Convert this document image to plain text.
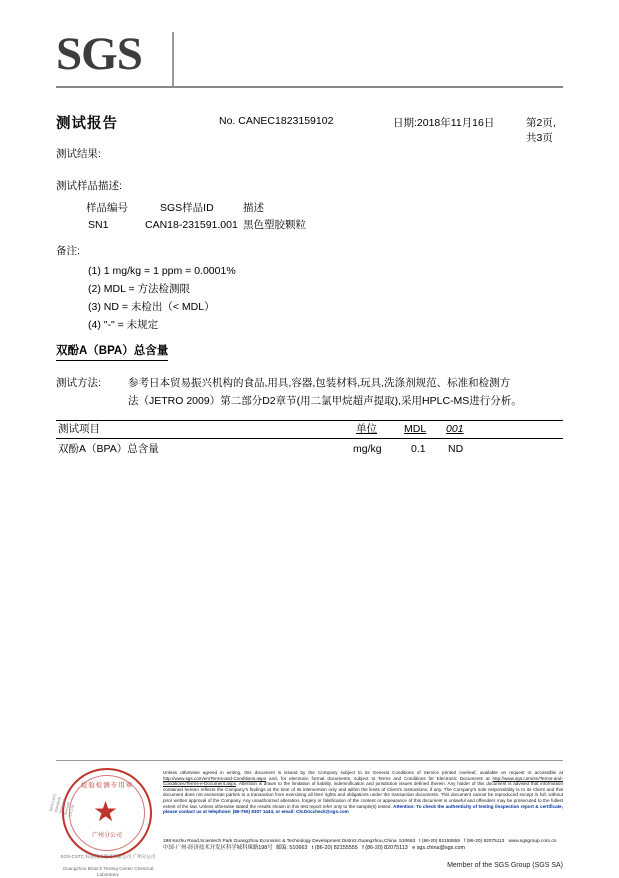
SGS
测试报告	No. CANEC1823159102	日期:2018年11月16日	第2页,共3页
测试结果:
测试样品描述:
样品编号	SGS样品ID	描述
SN1	CAN18-231591.001 黑色塑胶颗粒
备注:
(1) 1 mg/kg = 1 ppm = 0.0001%
(2) MDL = 方法检测限
(3) ND = 未检出（< MDL）
(4) "-" = 未规定
双酚A（BPA）总含量
测试方法:	参考日本贸易振兴机构的食品,用具,容器,包装材料,玩具,洗涤剂规范、标准和检测方
法（JETRO 2009）第二部分D2章节(用二氯甲烷超声提取),采用HPLC-MS进行分析。
测试项目	单位	MDL 001
双酚A（BPA）总含量	mg/kg	0.1 ND
检验检测专用章
★
广州分公司
SGS-CSTC Standards Technical Services Co.,Ltd.
SGS-CSTC 标准技术服务有限公司 广州分公司
Guangzhou Branch Testing Center Chemical Laboratory
Unless otherwise agreed in writing, this document is issued by the Company subject to its General Conditions of Service printed overleaf, available on request or accessible at http://www.sgs.com/en/Terms-and-Conditions.aspx and, for electronic format documents, subject to Terms and Conditions for Electronic Documents at http://www.sgs.com/en/Terms-and-Conditions/Terms-e-Document.aspx. Attention is drawn to the limitation of liability, indemnification and jurisdiction issues defined therein. Any holder of this document is advised that information contained hereon reflects the Company's findings at the time of its intervention only and within the limits of Client's instructions, if any. The Company's sole responsibility is to its Client and this document does not exonerate parties to a transaction from exercising all their rights and obligations under the transaction documents. This document cannot be reproduced except in full, without prior written approval of the Company. Any unauthorized alteration, forgery or falsification of the content or appearance of this document is unlawful and offenders may be prosecuted to the fullest extent of the law. Unless otherwise stated the results shown in this test report refer only to the sample(s) tested. Attention: To check the authenticity of testing /inspection report & certificate, please contact us at telephone: (86-755) 8307 1443, or email: CN.Doccheck@sgs.com
198 Kezhu Road,Scientech Park Guangzhou Economic & Technology Development District,Guangzhou,China 510663   t (86-20) 82155555   f (86-20) 82075113 www.sgsgroup.com.cn
中国·广州·经济技术开发区科学城科珠路198号 邮编: 510663   t (86-20) 82155555   f (86-20) 82075113   e sgs.china@sgs.com
Member of the SGS Group (SGS SA)
